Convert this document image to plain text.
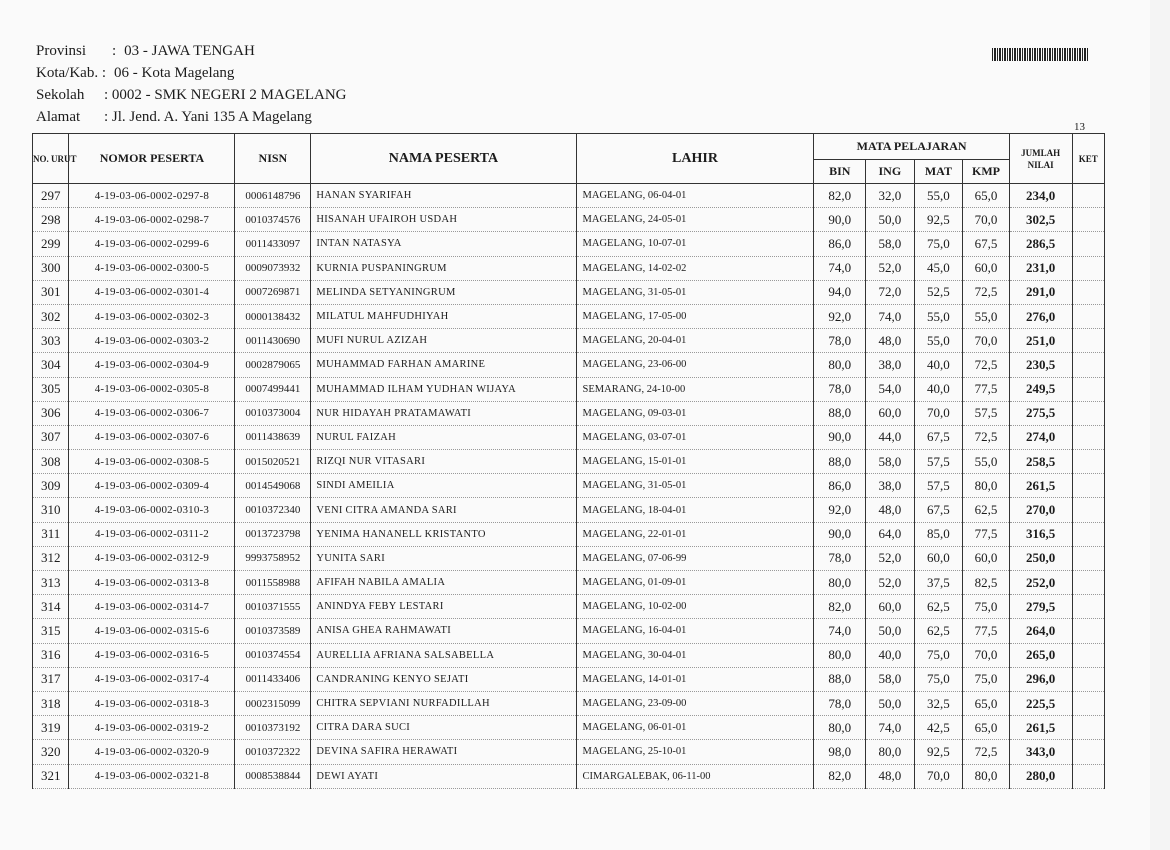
Provinsi	: 03 - JAWA TENGAH
Kota/Kab. : 06 - Kota Magelang
Sekolah	: 0002 - SMK NEGERI 2 MAGELANG
Alamat	: Jl. Jend. A. Yani 135 A Magelang
13
NO. URUT	NOMOR PESERTA	NISN	NAMA PESERTA	LAHIR	MATA PELAJARAN				JUMLAH NILAI	KET
					BIN	ING	MAT	KMP		
297	4-19-03-06-0002-0297-8	0006148796	HANAN SYARIFAH	MAGELANG, 06-04-01	82,0	32,0	55,0	65,0	234,0	
298	4-19-03-06-0002-0298-7	0010374576	HISANAH UFAIROH USDAH	MAGELANG, 24-05-01	90,0	50,0	92,5	70,0	302,5	
299	4-19-03-06-0002-0299-6	0011433097	INTAN NATASYA	MAGELANG, 10-07-01	86,0	58,0	75,0	67,5	286,5	
300	4-19-03-06-0002-0300-5	0009073932	KURNIA PUSPANINGRUM	MAGELANG, 14-02-02	74,0	52,0	45,0	60,0	231,0	
301	4-19-03-06-0002-0301-4	0007269871	MELINDA SETYANINGRUM	MAGELANG, 31-05-01	94,0	72,0	52,5	72,5	291,0	
302	4-19-03-06-0002-0302-3	0000138432	MILATUL MAHFUDHIYAH	MAGELANG, 17-05-00	92,0	74,0	55,0	55,0	276,0	
303	4-19-03-06-0002-0303-2	0011430690	MUFI NURUL AZIZAH	MAGELANG, 20-04-01	78,0	48,0	55,0	70,0	251,0	
304	4-19-03-06-0002-0304-9	0002879065	MUHAMMAD FARHAN AMARINE	MAGELANG, 23-06-00	80,0	38,0	40,0	72,5	230,5	
305	4-19-03-06-0002-0305-8	0007499441	MUHAMMAD ILHAM YUDHAN WIJAYA	SEMARANG, 24-10-00	78,0	54,0	40,0	77,5	249,5	
306	4-19-03-06-0002-0306-7	0010373004	NUR HIDAYAH PRATAMAWATI	MAGELANG, 09-03-01	88,0	60,0	70,0	57,5	275,5	
307	4-19-03-06-0002-0307-6	0011438639	NURUL FAIZAH	MAGELANG, 03-07-01	90,0	44,0	67,5	72,5	274,0	
308	4-19-03-06-0002-0308-5	0015020521	RIZQI NUR VITASARI	MAGELANG, 15-01-01	88,0	58,0	57,5	55,0	258,5	
309	4-19-03-06-0002-0309-4	0014549068	SINDI AMEILIA	MAGELANG, 31-05-01	86,0	38,0	57,5	80,0	261,5	
310	4-19-03-06-0002-0310-3	0010372340	VENI CITRA AMANDA SARI	MAGELANG, 18-04-01	92,0	48,0	67,5	62,5	270,0	
311	4-19-03-06-0002-0311-2	0013723798	YENIMA HANANELL KRISTANTO	MAGELANG, 22-01-01	90,0	64,0	85,0	77,5	316,5	
312	4-19-03-06-0002-0312-9	9993758952	YUNITA SARI	MAGELANG, 07-06-99	78,0	52,0	60,0	60,0	250,0	
313	4-19-03-06-0002-0313-8	0011558988	AFIFAH NABILA AMALIA	MAGELANG, 01-09-01	80,0	52,0	37,5	82,5	252,0	
314	4-19-03-06-0002-0314-7	0010371555	ANINDYA FEBY LESTARI	MAGELANG, 10-02-00	82,0	60,0	62,5	75,0	279,5	
315	4-19-03-06-0002-0315-6	0010373589	ANISA GHEA RAHMAWATI	MAGELANG, 16-04-01	74,0	50,0	62,5	77,5	264,0	
316	4-19-03-06-0002-0316-5	0010374554	AURELLIA AFRIANA SALSABELLA	MAGELANG, 30-04-01	80,0	40,0	75,0	70,0	265,0	
317	4-19-03-06-0002-0317-4	0011433406	CANDRANING KENYO SEJATI	MAGELANG, 14-01-01	88,0	58,0	75,0	75,0	296,0	
318	4-19-03-06-0002-0318-3	0002315099	CHITRA SEPVIANI NURFADILLAH	MAGELANG, 23-09-00	78,0	50,0	32,5	65,0	225,5	
319	4-19-03-06-0002-0319-2	0010373192	CITRA DARA SUCI	MAGELANG, 06-01-01	80,0	74,0	42,5	65,0	261,5	
320	4-19-03-06-0002-0320-9	0010372322	DEVINA SAFIRA HERAWATI	MAGELANG, 25-10-01	98,0	80,0	92,5	72,5	343,0	
321	4-19-03-06-0002-0321-8	0008538844	DEWI AYATI	CIMARGALEBAK, 06-11-00	82,0	48,0	70,0	80,0	280,0	
